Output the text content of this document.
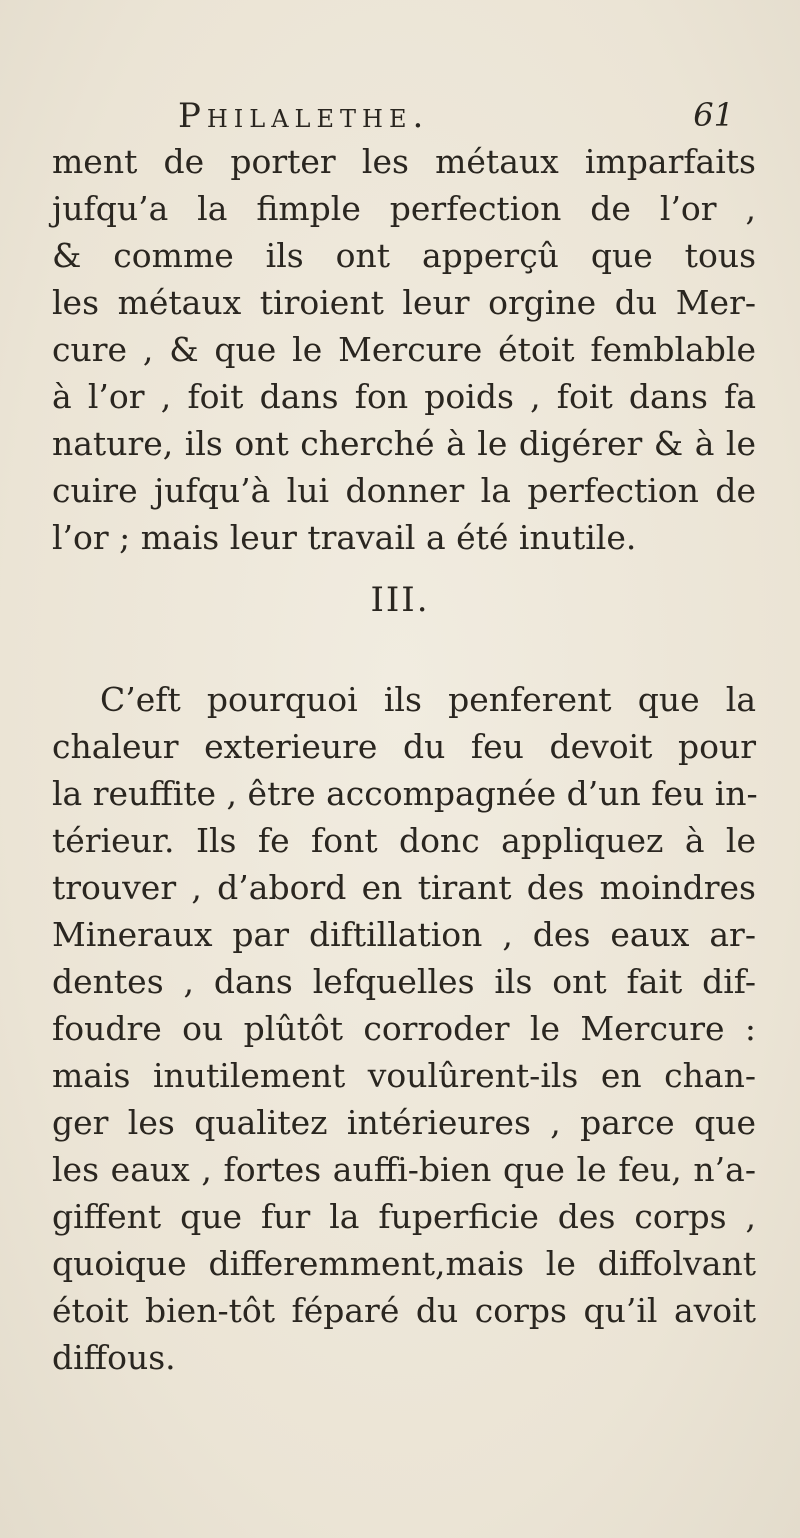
Philalethe.	61
ment de porter les métaux imparfaits
jufqu’a la fimple perfection de l’or ,
& comme ils ont apperçû que tous
les métaux tiroient leur orgine du Mer-
cure , & que le Mercure étoit femblable
à l’or , foit dans fon poids , foit dans fa
nature, ils ont cherché à le digérer & à le
cuire jufqu’à lui donner la perfection de
l’or ; mais leur travail a été inutile.
III.
C’eft pourquoi ils penferent que la
chaleur exterieure du feu devoit pour
la reuffite , être accompagnée d’un feu in-
térieur. Ils fe font donc appliquez à le
trouver , d’abord en tirant des moindres
Mineraux par diftillation , des eaux ar-
dentes , dans lefquelles ils ont fait dif-
foudre ou plûtôt corroder le Mercure :
mais inutilement voulûrent-ils en chan-
ger les qualitez intérieures , parce que
les eaux , fortes auffi-bien que le feu, n’a-
giffent que fur la fuperficie des corps ,
quoique differemment,mais le diffolvant
étoit bien-tôt féparé du corps qu’il avoit
diffous.
